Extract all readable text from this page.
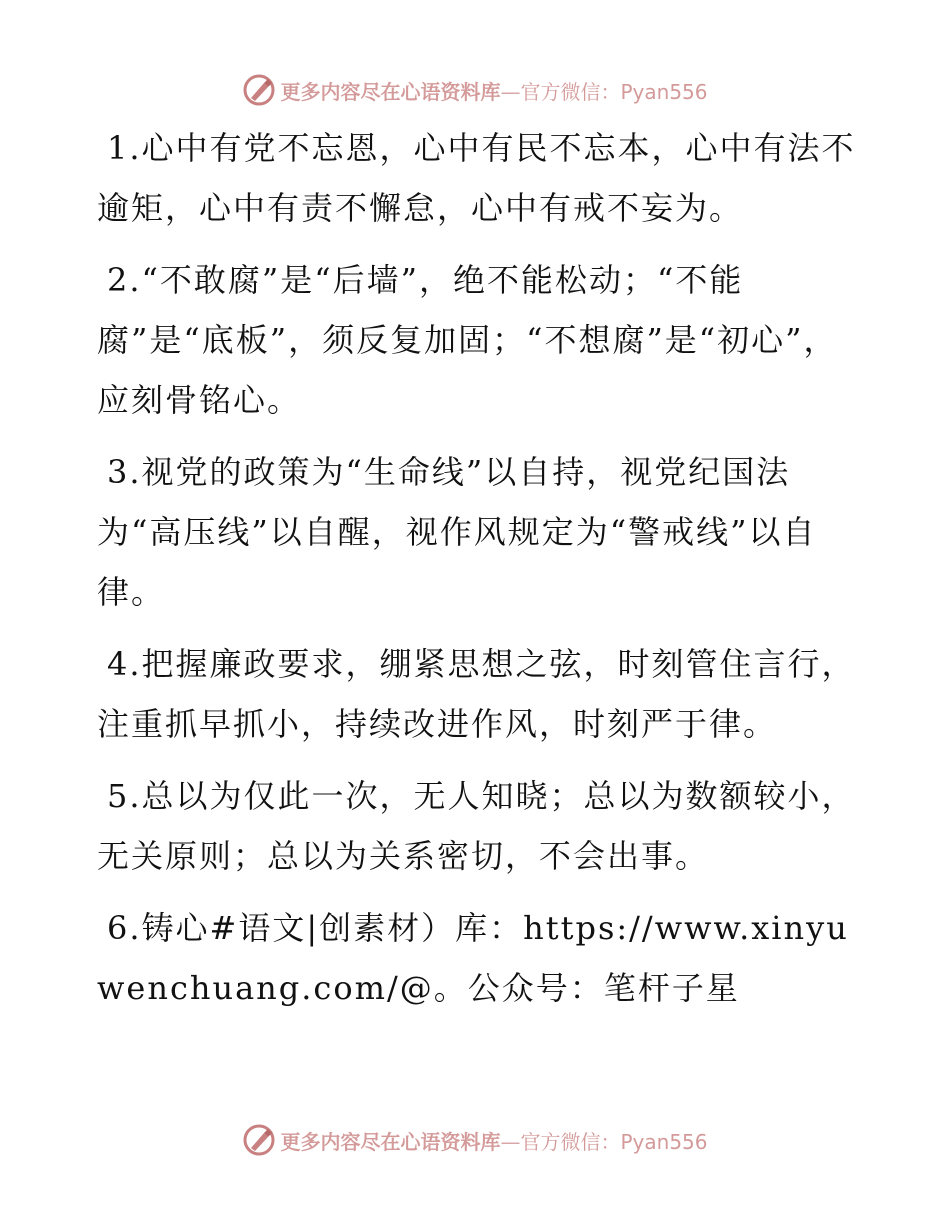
更多内容尽在心语资料库—官方微信：Pyan556

1.心中有党不忘恩，心中有民不忘本，心中有法不逾矩，心中有责不懈怠，心中有戒不妄为。

2.“不敢腐”是“后墙”，绝不能松动；“不能腐”是“底板”，须反复加固；“不想腐”是“初心”，应刻骨铭心。

3.视党的政策为“生命线”以自持，视党纪国法为“高压线”以自醒，视作风规定为“警戒线”以自律。

4.把握廉政要求，绷紧思想之弦，时刻管住言行，注重抓早抓小，持续改进作风，时刻严于律。

5.总以为仅此一次，无人知晓；总以为数额较小，无关原则；总以为关系密切，不会出事。

6.铸心#语文|创素材）库：https://www.xinyuwenchuang.com/@。公众号：笔杆子星

更多内容尽在心语资料库—官方微信：Pyan556
